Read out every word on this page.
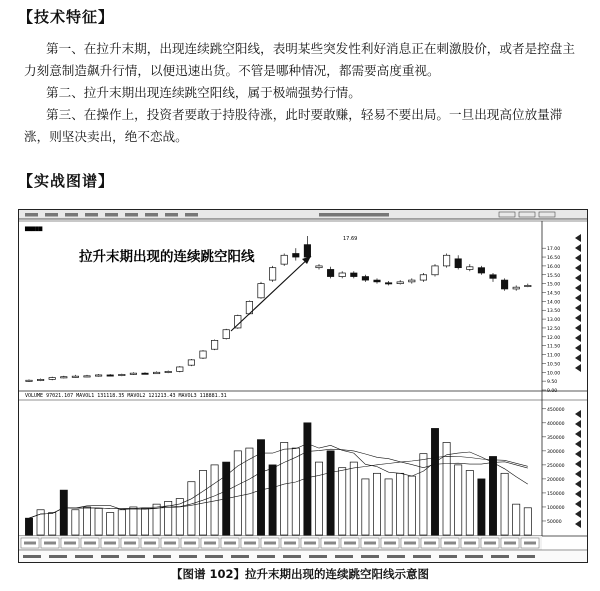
【技术特征】

第一、在拉升末期，出现连续跳空阳线，表明某些突发性利好消息正在刺激股价，或者是控盘主力刻意制造飙升行情，以便迅速出货。不管是哪种情况，都需要高度重视。

第二、拉升末期出现连续跳空阳线，属于极端强势行情。

第三、在操作上，投资者要敢于持股待涨，此时要敢赚，轻易不要出局。一旦出现高位放量滞涨，则坚决卖出，绝不恋战。

【实战图谱】
17.00
16.50
16.00
15.50
15.00
14.50
14.00
13.50
13.00
12.50
12.00
11.50
11.00
10.50
10.00
9.50
9.00
450000
400000
350000
300000
250000
200000
150000
100000
50000
▇▇▇▇▇
VOLUME 97021.107 MAVOL1 131118.35 MAVOL2 121213.43 MAVOL3 118881.31
拉升末期出现的连续跳空阳线
17.69
【图谱 102】拉升末期出现的连续跳空阳线示意图
